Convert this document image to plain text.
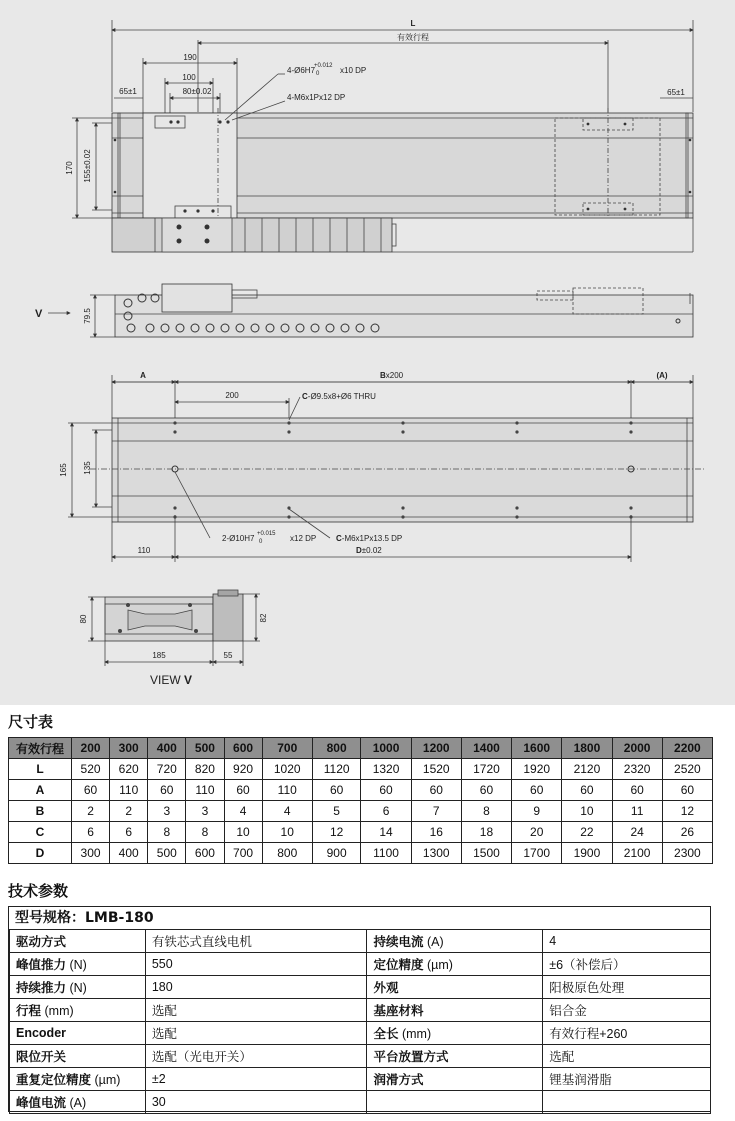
L
有效行程
190
100
80±0.02
65±1	65±1
4-Ø6H7
+0.012
0	x10 DP
4-M6x1Px12 DP
170 155±0.02
V	79.5
A	Bx200	(A)
200	C-Ø9.5x8+Ø6 THRU
165 135
110
2-Ø10H7 +0.015
0	x12 DP C-M6x1Px13.5 DP
D±0.02
80	82
185	55
VIEW V
尺寸表
有效行程	200	300	400	500	600	700	800	1000	1200	1400	1600	1800	2000	2200
L	520	620	720	820	920	1020	1120	1320	1520	1720	1920	2120	2320	2520
A	60	110	60	110	60	110	60	60	60	60	60	60	60	60
B	2	2	3	3	4	4	5	6	7	8	9	10	11	12
C	6	6	8	8	10	10	12	14	16	18	20	22	24	26
D	300	400	500	600	700	800	900	1100	1300	1500	1700	1900	2100	2300
技术参数
型号规格：LMB-180
驱动方式	有铁芯式直线电机	持续电流 (A)	4
峰值推力 (N)	550	定位精度 (µm)	±6（补偿后）
持续推力 (N)	180	外观	阳极原色处理
行程 (mm)	选配	基座材料	铝合金
Encoder	选配	全长 (mm)	有效行程+260
限位开关	选配（光电开关）	平台放置方式	选配
重复定位精度 (µm)	±2	润滑方式	锂基润滑脂
峰值电流 (A)	30		
